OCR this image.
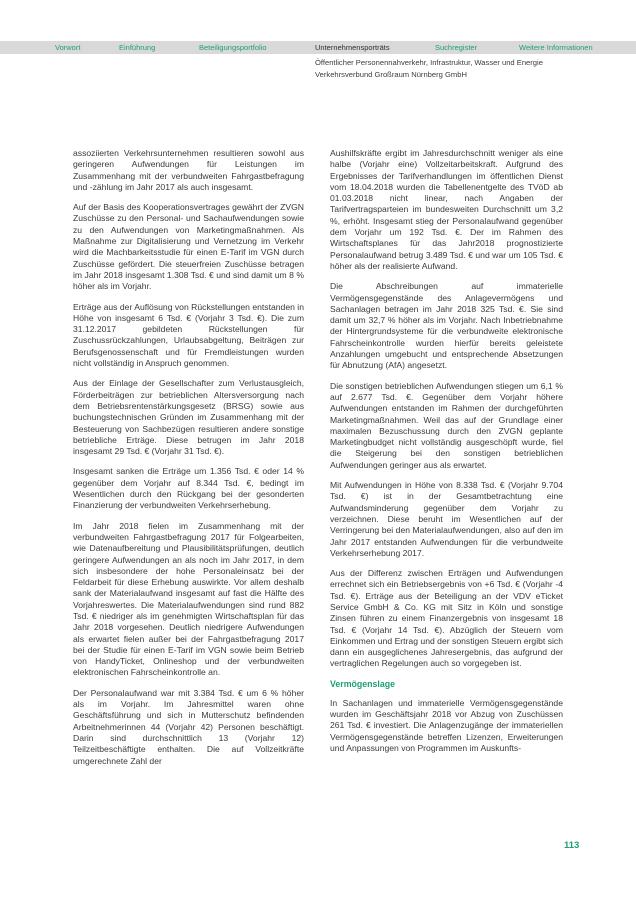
Vorwort	Einführung	Beteiligungsportfolio	Unternehmensporträts	Suchregister	Weitere Informationen
Öffentlicher Personennahverkehr, Infrastruktur, Wasser und Energie
Verkehrsverbund Großraum Nürnberg GmbH

assoziierten Verkehrsunternehmen resultieren sowohl aus geringeren Aufwendungen für Leistungen im Zusammenhang mit der verbundweiten Fahrgastbefragung und -zählung im Jahr 2017 als auch insgesamt.

Auf der Basis des Kooperationsvertrages gewährt der ZVGN Zuschüsse zu den Personal- und Sachaufwendungen sowie zu den Aufwendungen von Marketingmaßnahmen. Als Maßnahme zur Digitalisierung und Vernetzung im Verkehr wird die Machbarkeitsstudie für einen E-Tarif im VGN durch Zuschüsse gefördert. Die steuerfreien Zuschüsse betragen im Jahr 2018 insgesamt 1.308 Tsd. € und sind damit um 8 % höher als im Vorjahr.

Erträge aus der Auflösung von Rückstellungen entstanden in Höhe von insgesamt 6 Tsd. € (Vorjahr 3 Tsd. €). Die zum 31.12.2017 gebildeten Rückstellungen für Zuschussrückzahlungen, Urlaubsabgeltung, Beiträgen zur Berufsgenossenschaft und für Fremdleistungen wurden nicht vollständig in Anspruch genommen.

Aus der Einlage der Gesellschafter zum Verlustausgleich, Förderbeiträgen zur betrieblichen Altersversorgung nach dem Betriebsrentenstärkungsgesetz (BRSG) sowie aus buchungstechnischen Gründen im Zusammenhang mit der Besteuerung von Sachbezügen resultieren andere sonstige betriebliche Erträge. Diese betrugen im Jahr 2018 insgesamt 29 Tsd. € (Vorjahr 31 Tsd. €).

Insgesamt sanken die Erträge um 1.356 Tsd. € oder 14 % gegenüber dem Vorjahr auf 8.344 Tsd. €, bedingt im Wesentlichen durch den Rückgang bei der gesonderten Finanzierung der verbundweiten Verkehrserhebung.

Im Jahr 2018 fielen im Zusammenhang mit der verbundweiten Fahrgastbefragung 2017 für Folgearbeiten, wie Datenaufbereitung und Plausibilitätsprüfungen, deutlich geringere Aufwendungen an als noch im Jahr 2017, in dem sich insbesondere der hohe Personaleinsatz bei der Feldarbeit für diese Erhebung auswirkte. Vor allem deshalb sank der Materialaufwand insgesamt auf fast die Hälfte des Vorjahreswertes. Die Materialaufwendungen sind rund 882 Tsd. € niedriger als im genehmigten Wirtschaftsplan für das Jahr 2018 vorgesehen. Deutlich niedrigere Aufwendungen als erwartet fielen außer bei der Fahrgastbefragung 2017 bei der Studie für einen E-Tarif im VGN sowie beim Betrieb von HandyTicket, Onlineshop und der verbundweiten elektronischen Fahrscheinkontrolle an.

Der Personalaufwand war mit 3.384 Tsd. € um 6 % höher als im Vorjahr. Im Jahresmittel waren ohne Geschäftsführung und sich in Mutterschutz befindenden Arbeitnehmerinnen 44 (Vorjahr 42) Personen beschäftigt. Darin sind durchschnittlich 13 (Vorjahr 12) Teilzeitbeschäftigte enthalten. Die auf Vollzeitkräfte umgerechnete Zahl der

Aushilfskräfte ergibt im Jahresdurchschnitt weniger als eine halbe (Vorjahr eine) Vollzeitarbeitskraft. Aufgrund des Ergebnisses der Tarifverhandlungen im öffentlichen Dienst vom 18.04.2018 wurden die Tabellenentgelte des TVöD ab 01.03.2018 nicht linear, nach Angaben der Tarifvertragsparteien im bundesweiten Durchschnitt um 3,2 %, erhöht. Insgesamt stieg der Personalaufwand gegenüber dem Vorjahr um 192 Tsd. €. Der im Rahmen des Wirtschaftsplanes für das Jahr2018 prognostizierte Personalaufwand betrug 3.489 Tsd. € und war um 105 Tsd. € höher als der realisierte Aufwand.

Die Abschreibungen auf immaterielle Vermögensgegenstände des Anlagevermögens und Sachanlagen betragen im Jahr 2018 325 Tsd. €. Sie sind damit um 32,7 % höher als im Vorjahr. Nach Inbetriebnahme der Hintergrundsysteme für die verbundweite elektronische Fahrscheinkontrolle wurden hierfür bereits geleistete Anzahlungen umgebucht und entsprechende Absetzungen für Abnutzung (AfA) angesetzt.

Die sonstigen betrieblichen Aufwendungen stiegen um 6,1 % auf 2.677 Tsd. €. Gegenüber dem Vorjahr höhere Aufwendungen entstanden im Rahmen der durchgeführten Marketingmaßnahmen. Weil das auf der Grundlage einer maximalen Bezuschussung durch den ZVGN geplante Marketingbudget nicht vollständig ausgeschöpft wurde, fiel die Steigerung bei den sonstigen betrieblichen Aufwendungen geringer aus als erwartet.

Mit Aufwendungen in Höhe von 8.338 Tsd. € (Vorjahr 9.704 Tsd. €) ist in der Gesamtbetrachtung eine Aufwandsminderung gegenüber dem Vorjahr zu verzeichnen. Diese beruht im Wesentlichen auf der Verringerung bei den Materialaufwendungen, also auf den im Jahr 2017 entstanden Aufwendungen für die verbundweite Verkehrserhebung 2017.

Aus der Differenz zwischen Erträgen und Aufwendungen errechnet sich ein Betriebsergebnis von +6 Tsd. € (Vorjahr -4 Tsd. €). Erträge aus der Beteiligung an der VDV eTicket Service GmbH & Co. KG mit Sitz in Köln und sonstige Zinsen führen zu einem Finanzergebnis von insgesamt 18 Tsd. € (Vorjahr 14 Tsd. €). Abzüglich der Steuern vom Einkommen und Ertrag und der sonstigen Steuern ergibt sich dann ein ausgeglichenes Jahresergebnis, das aufgrund der vertraglichen Regelungen auch so vorgegeben ist.

Vermögenslage

In Sachanlagen und immaterielle Vermögensgegenstände wurden im Geschäftsjahr 2018 vor Abzug von Zuschüssen 261 Tsd. € investiert. Die Anlagenzugänge der immateriellen Vermögensgegenstände betreffen Lizenzen, Erweiterungen und Anpassungen von Programmen im Auskunfts-

113
